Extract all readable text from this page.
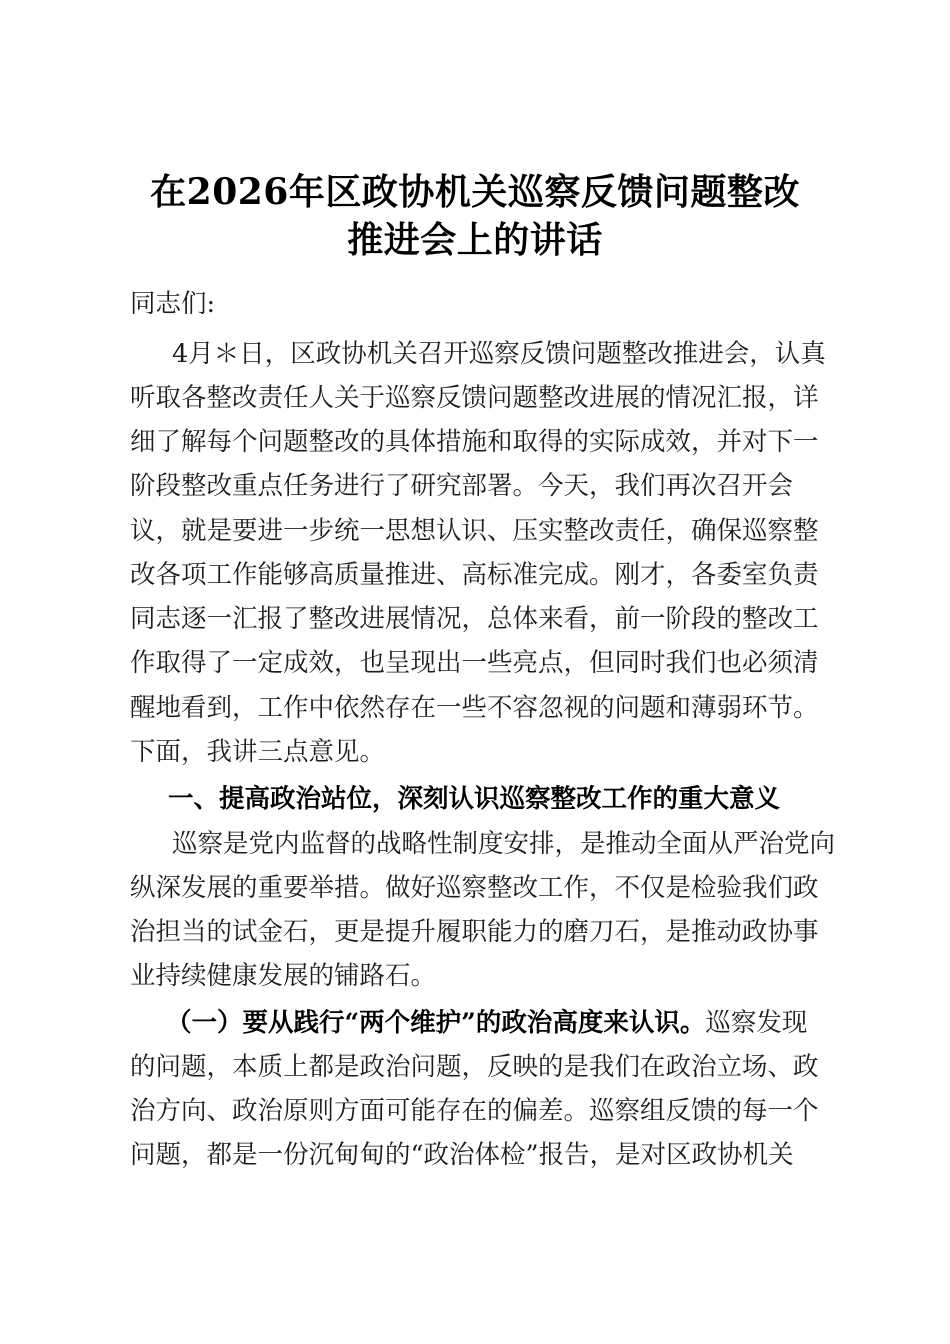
在2026年区政协机关巡察反馈问题整改
推进会上的讲话
同志们:
4月＊日，区政协机关召开巡察反馈问题整改推进会，认真
听取各整改责任人关于巡察反馈问题整改进展的情况汇报，详
细了解每个问题整改的具体措施和取得的实际成效，并对下一
阶段整改重点任务进行了研究部署。今天，我们再次召开会
议，就是要进一步统一思想认识、压实整改责任，确保巡察整
改各项工作能够高质量推进、高标准完成。刚才，各委室负责
同志逐一汇报了整改进展情况，总体来看，前一阶段的整改工
作取得了一定成效，也呈现出一些亮点，但同时我们也必须清
醒地看到，工作中依然存在一些不容忽视的问题和薄弱环节。
下面，我讲三点意见。
一、提高政治站位，深刻认识巡察整改工作的重大意义
巡察是党内监督的战略性制度安排，是推动全面从严治党向
纵深发展的重要举措。做好巡察整改工作，不仅是检验我们政
治担当的试金石，更是提升履职能力的磨刀石，是推动政协事
业持续健康发展的铺路石。
（一）要从践行“两个维护”的政治高度来认识。巡察发现
的问题，本质上都是政治问题，反映的是我们在政治立场、政
治方向、政治原则方面可能存在的偏差。巡察组反馈的每一个
问题，都是一份沉甸甸的“政治体检”报告，是对区政协机关
